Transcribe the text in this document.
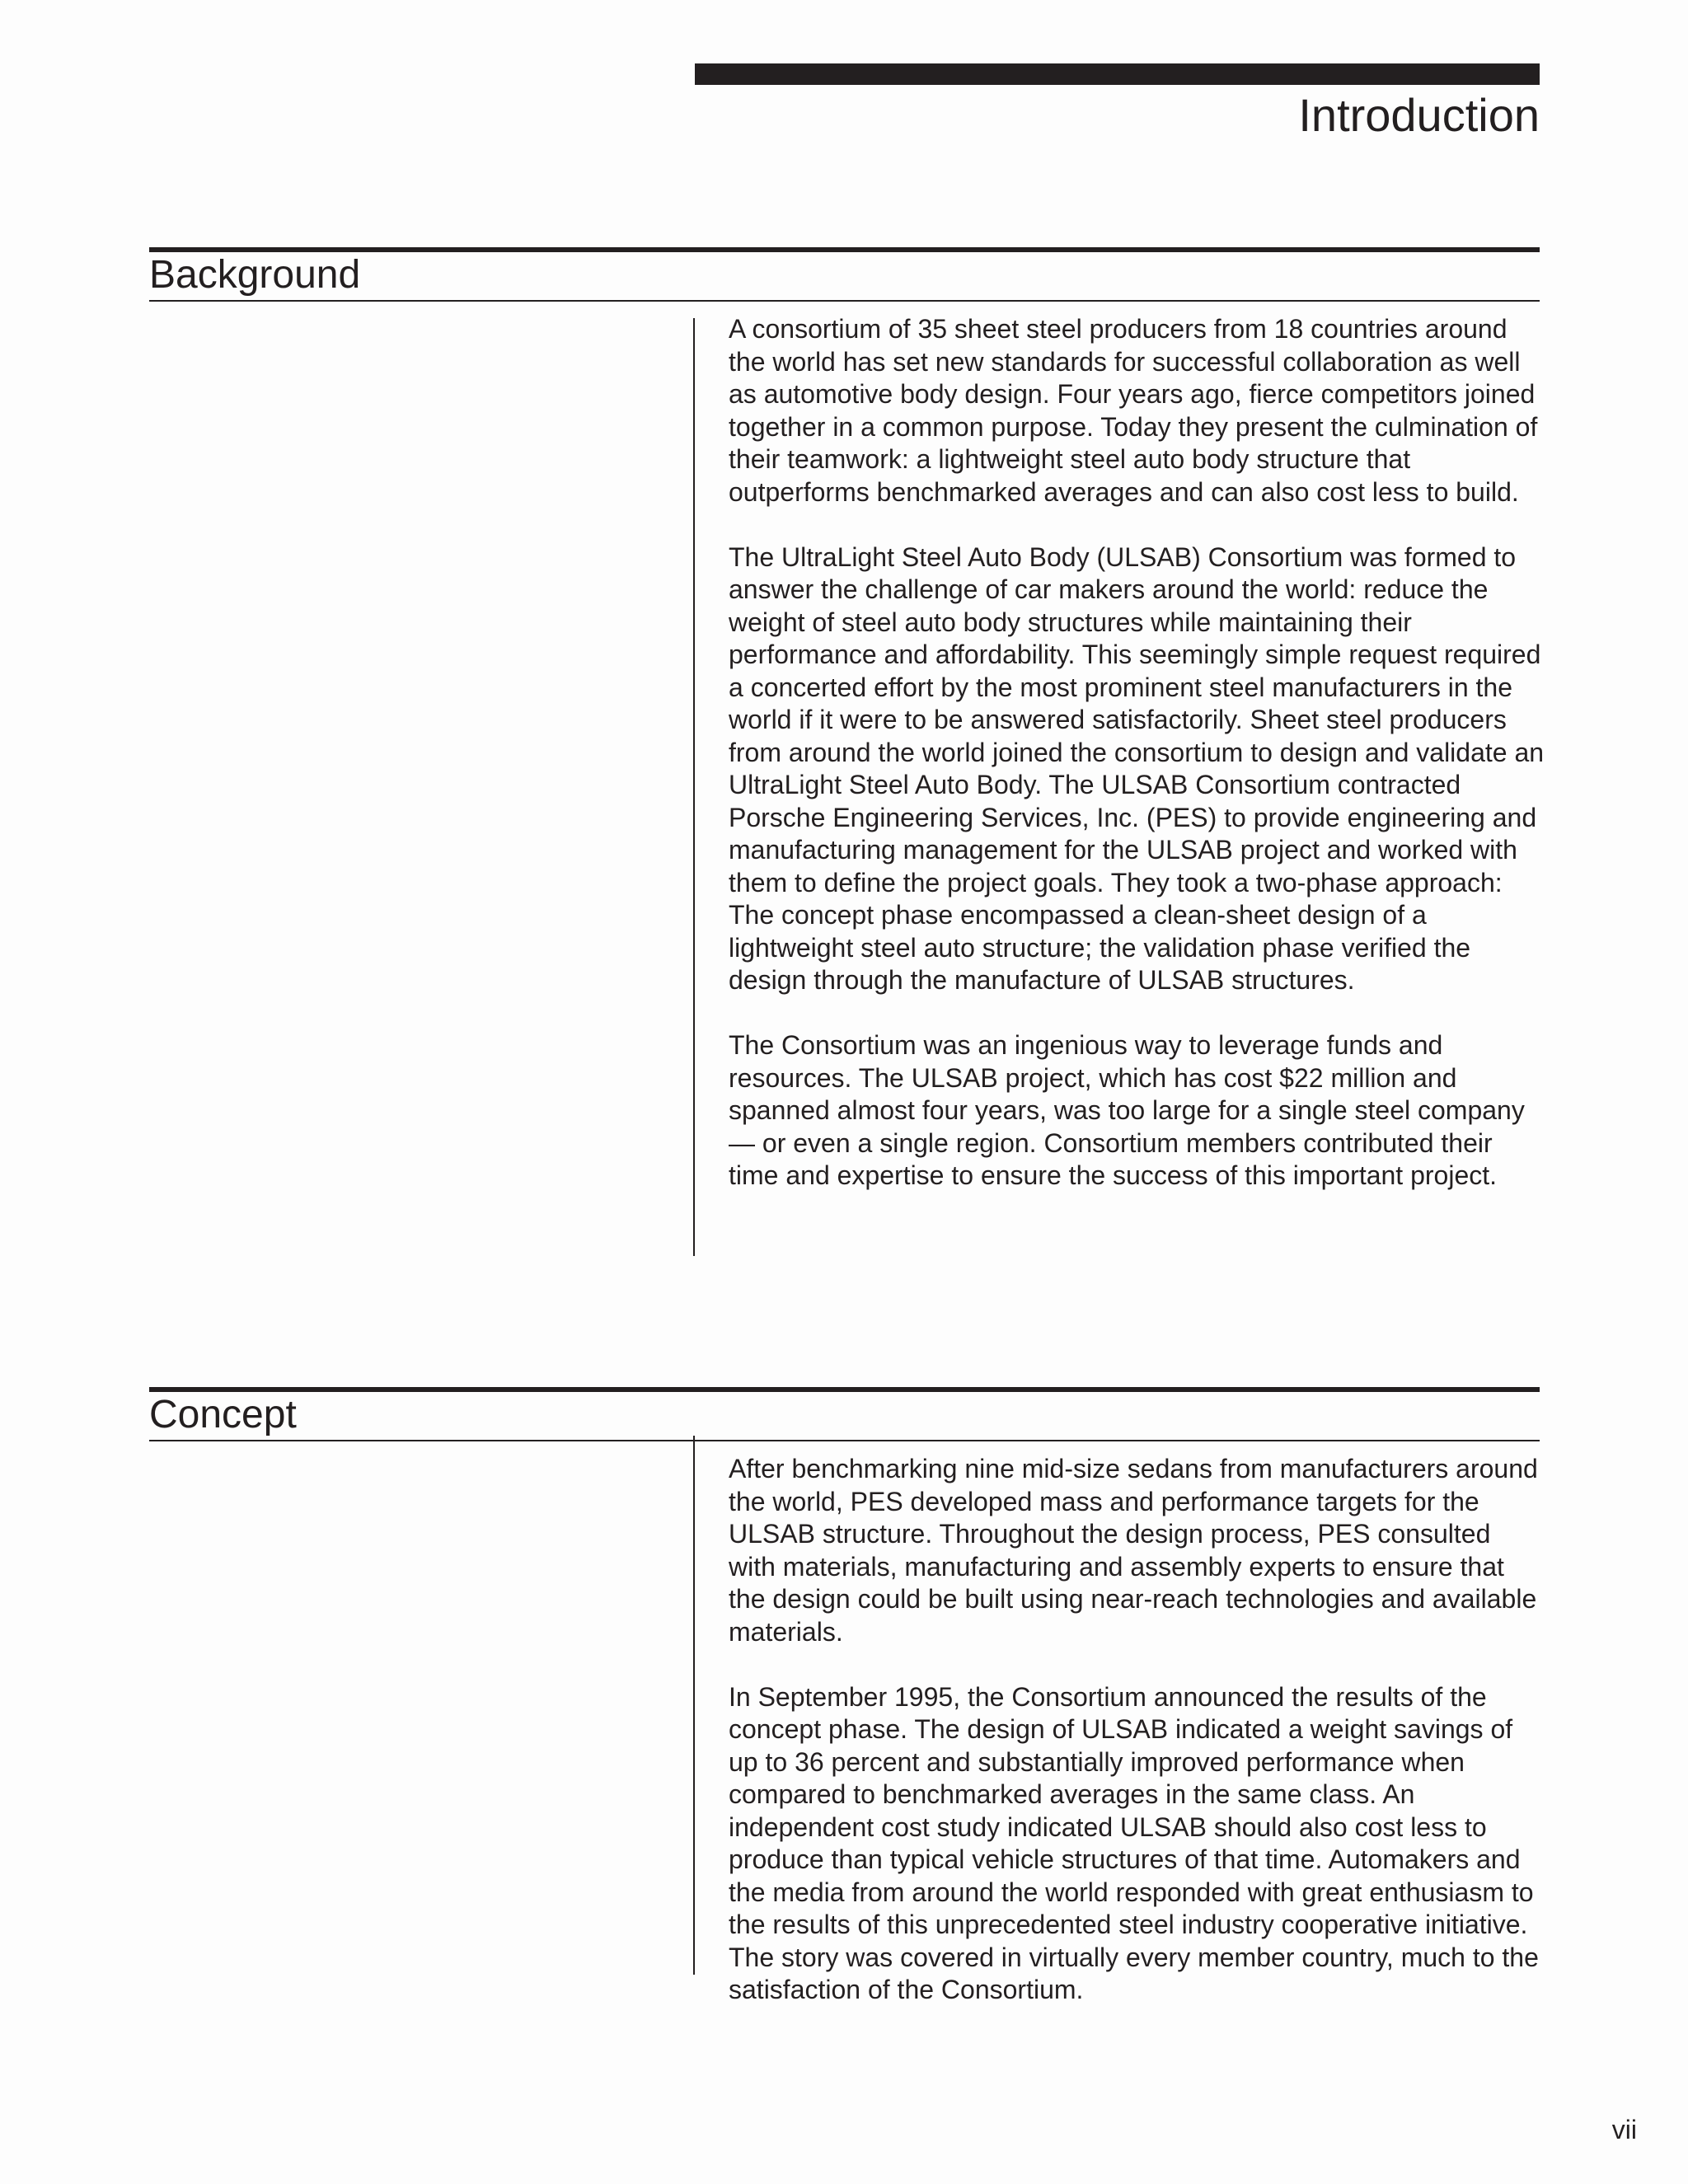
Introduction
Background

A consortium of 35 sheet steel producers from 18 countries around the world has set new standards for successful collaboration as well as automotive body design. Four years ago, fierce competitors joined together in a common purpose. Today they present the culmination of their teamwork: a lightweight steel auto body structure that outperforms benchmarked averages and can also cost less to build.

The UltraLight Steel Auto Body (ULSAB) Consortium was formed to answer the challenge of car makers around the world: reduce the weight of steel auto body structures while maintaining their performance and affordability. This seemingly simple request required a concerted effort by the most prominent steel manufacturers in the world if it were to be answered satisfactorily. Sheet steel producers from around the world joined the consortium to design and validate an UltraLight Steel Auto Body. The ULSAB Consortium contracted Porsche Engineering Services, Inc. (PES) to provide engineering and manufacturing management for the ULSAB project and worked with them to define the project goals. They took a two-phase approach: The concept phase encompassed a clean-sheet design of a lightweight steel auto structure; the validation phase verified the design through the manufacture of ULSAB structures.

The Consortium was an ingenious way to leverage funds and resources. The ULSAB project, which has cost $22 million and spanned almost four years, was too large for a single steel company — or even a single region. Consortium members contributed their time and expertise to ensure the success of this important project.

Concept

After benchmarking nine mid-size sedans from manufacturers around the world, PES developed mass and performance targets for the ULSAB structure. Throughout the design process, PES consulted with materials, manufacturing and assembly experts to ensure that the design could be built using near-reach technologies and available materials.

In September 1995, the Consortium announced the results of the concept phase. The design of ULSAB indicated a weight savings of up to 36 percent and substantially improved performance when compared to benchmarked averages in the same class. An independent cost study indicated ULSAB should also cost less to produce than typical vehicle structures of that time. Automakers and the media from around the world responded with great enthusiasm to the results of this unprecedented steel industry cooperative initiative. The story was covered in virtually every member country, much to the satisfaction of the Consortium.

vii
